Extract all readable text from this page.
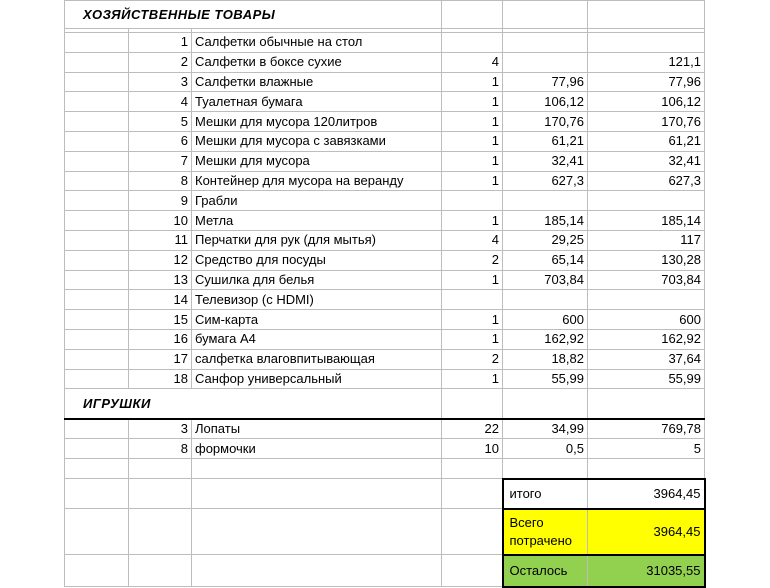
ХОЗЯЙСТВЕННЫЕ ТОВАРЫ					

	1	Салфетки обычные на стол			
	2	Салфетки в боксе сухие	4		121,1
	3	Салфетки влажные	1	77,96	77,96
	4	Туалетная бумага	1	106,12	106,12
	5	Мешки для мусора 120литров	1	170,76	170,76
	6	Мешки для мусора с завязками	1	61,21	61,21
	7	Мешки для мусора	1	32,41	32,41
	8	Контейнер для мусора на веранду	1	627,3	627,3
	9	Грабли			
	10	Метла	1	185,14	185,14
	11	Перчатки для рук (для мытья)	4	29,25	117
	12	Средство для посуды	2	65,14	130,28
	13	Сушилка для белья	1	703,84	703,84
	14	Телевизор (с HDMI)			
	15	Сим-карта	1	600	600
	16	бумага А4	1	162,92	162,92
	17	салфетка влаговпитывающая	2	18,82	37,64
	18	Санфор универсальный	1	55,99	55,99
ИГРУШКИ					
	3	Лопаты	22	34,99	769,78
	8	формочки	10	0,5	5

				итого	3964,45
				Всего потрачено	3964,45
				Осталось	31035,55
